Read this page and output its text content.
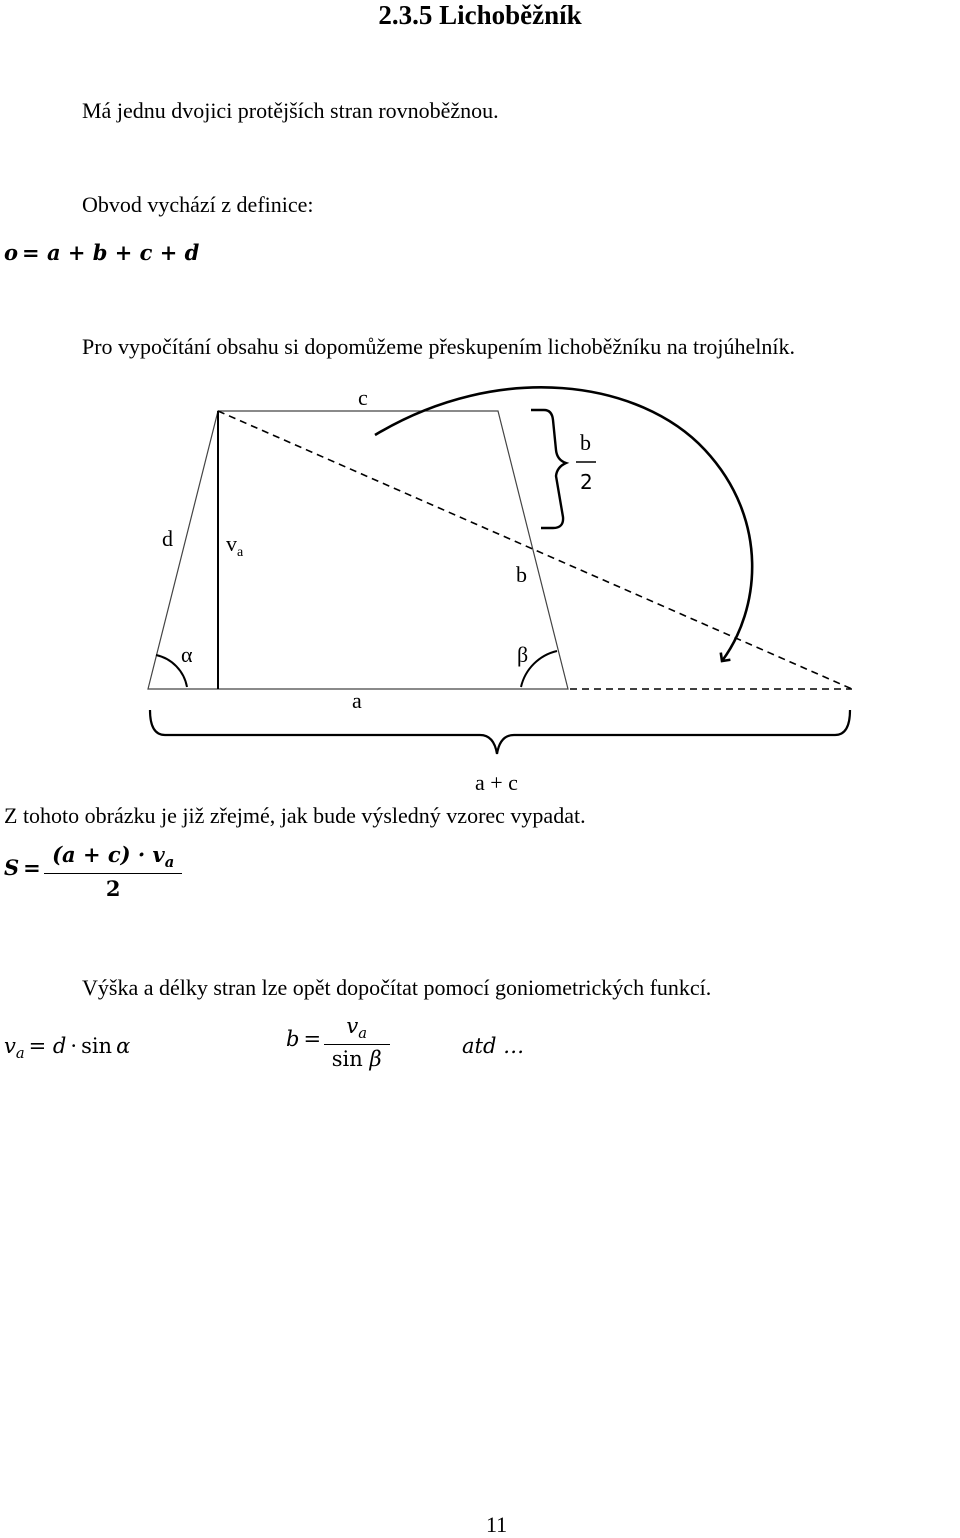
2.3.5 Lichoběžník
Má jednu dvojici protějších stran rovnoběžnou.
Obvod vychází z definice:
o = a + b + c + d
Pro vypočítání obsahu si dopomůžeme přeskupením lichoběžníku na trojúhelník.
c
d $v_a$
b
b
2
α	β
a
a + c
Z tohoto obrázku je již zřejmé, jak bude výsledný vzorec vypadat.
$S = \frac{(a + c) \cdot v_a}{2}$
Výška a délky stran lze opět dopočítat pomocí goniometrických funkcí.
$v_a = d \cdot \sin \alpha$	$b = \frac{v_a}{\text{sin β}}$	atd …
11
